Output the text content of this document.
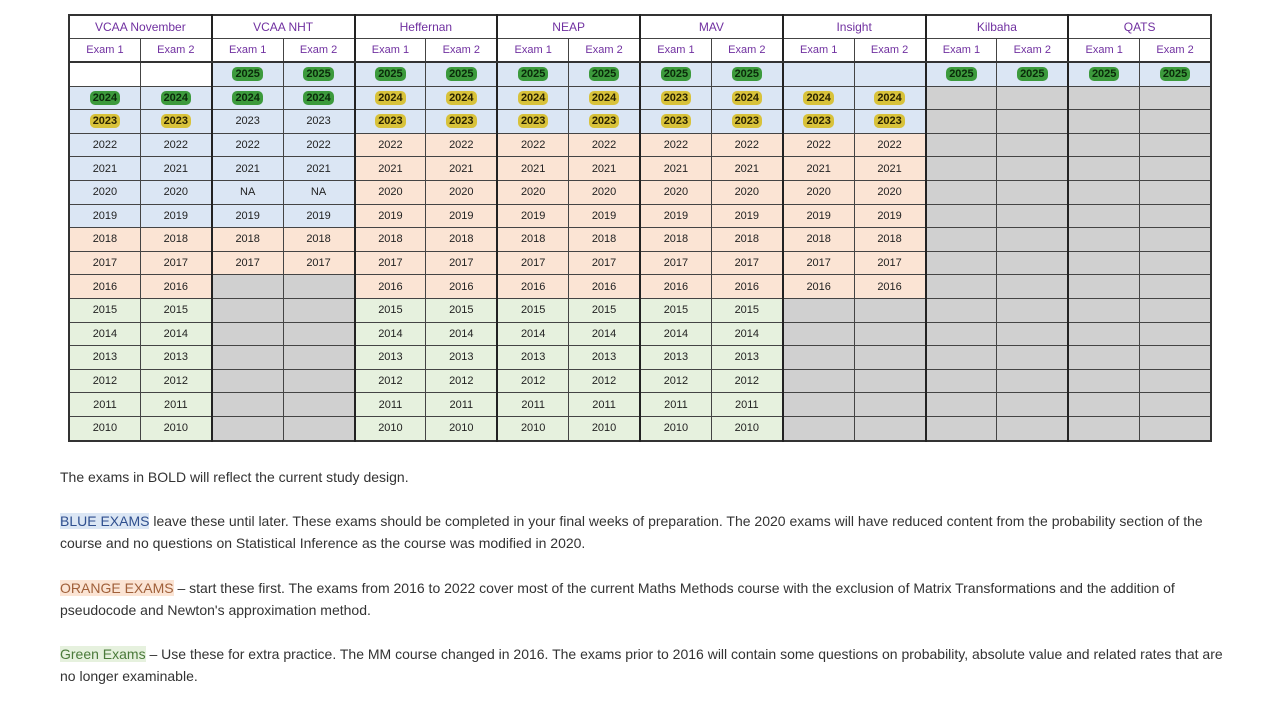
VCAA November		VCAA NHT		Heffernan		NEAP		MAV		Insight		Kilbaha		QATS	
Exam 1	Exam 2	Exam 1	Exam 2	Exam 1	Exam 2	Exam 1	Exam 2	Exam 1	Exam 2	Exam 1	Exam 2	Exam 1	Exam 2	Exam 1	Exam 2
		2025	2025	2025	2025	2025	2025	2025	2025			2025	2025	2025	2025
2024	2024	2024	2024	2024	2024	2024	2024	2023	2024	2024	2024				
2023	2023	2023	2023	2023	2023	2023	2023	2023	2023	2023	2023				
2022	2022	2022	2022	2022	2022	2022	2022	2022	2022	2022	2022				
2021	2021	2021	2021	2021	2021	2021	2021	2021	2021	2021	2021				
2020	2020	NA	NA	2020	2020	2020	2020	2020	2020	2020	2020				
2019	2019	2019	2019	2019	2019	2019	2019	2019	2019	2019	2019				
2018	2018	2018	2018	2018	2018	2018	2018	2018	2018	2018	2018				
2017	2017	2017	2017	2017	2017	2017	2017	2017	2017	2017	2017				
2016	2016			2016	2016	2016	2016	2016	2016	2016	2016				
2015	2015			2015	2015	2015	2015	2015	2015						
2014	2014			2014	2014	2014	2014	2014	2014						
2013	2013			2013	2013	2013	2013	2013	2013						
2012	2012			2012	2012	2012	2012	2012	2012						
2011	2011			2011	2011	2011	2011	2011	2011						
2010	2010			2010	2010	2010	2010	2010	2010						
The exams in BOLD will reflect the current study design.
BLUE EXAMS leave these until later. These exams should be completed in your final weeks of preparation. The 2020 exams will have reduced content from the probability section of the course and no questions on Statistical Inference as the course was modified in 2020.
ORANGE EXAMS – start these first. The exams from 2016 to 2022 cover most of the current Maths Methods course with the exclusion of Matrix Transformations and the addition of pseudocode and Newton's approximation method.
Green Exams – Use these for extra practice. The MM course changed in 2016. The exams prior to 2016 will contain some questions on probability, absolute value and related rates that are no longer examinable.
